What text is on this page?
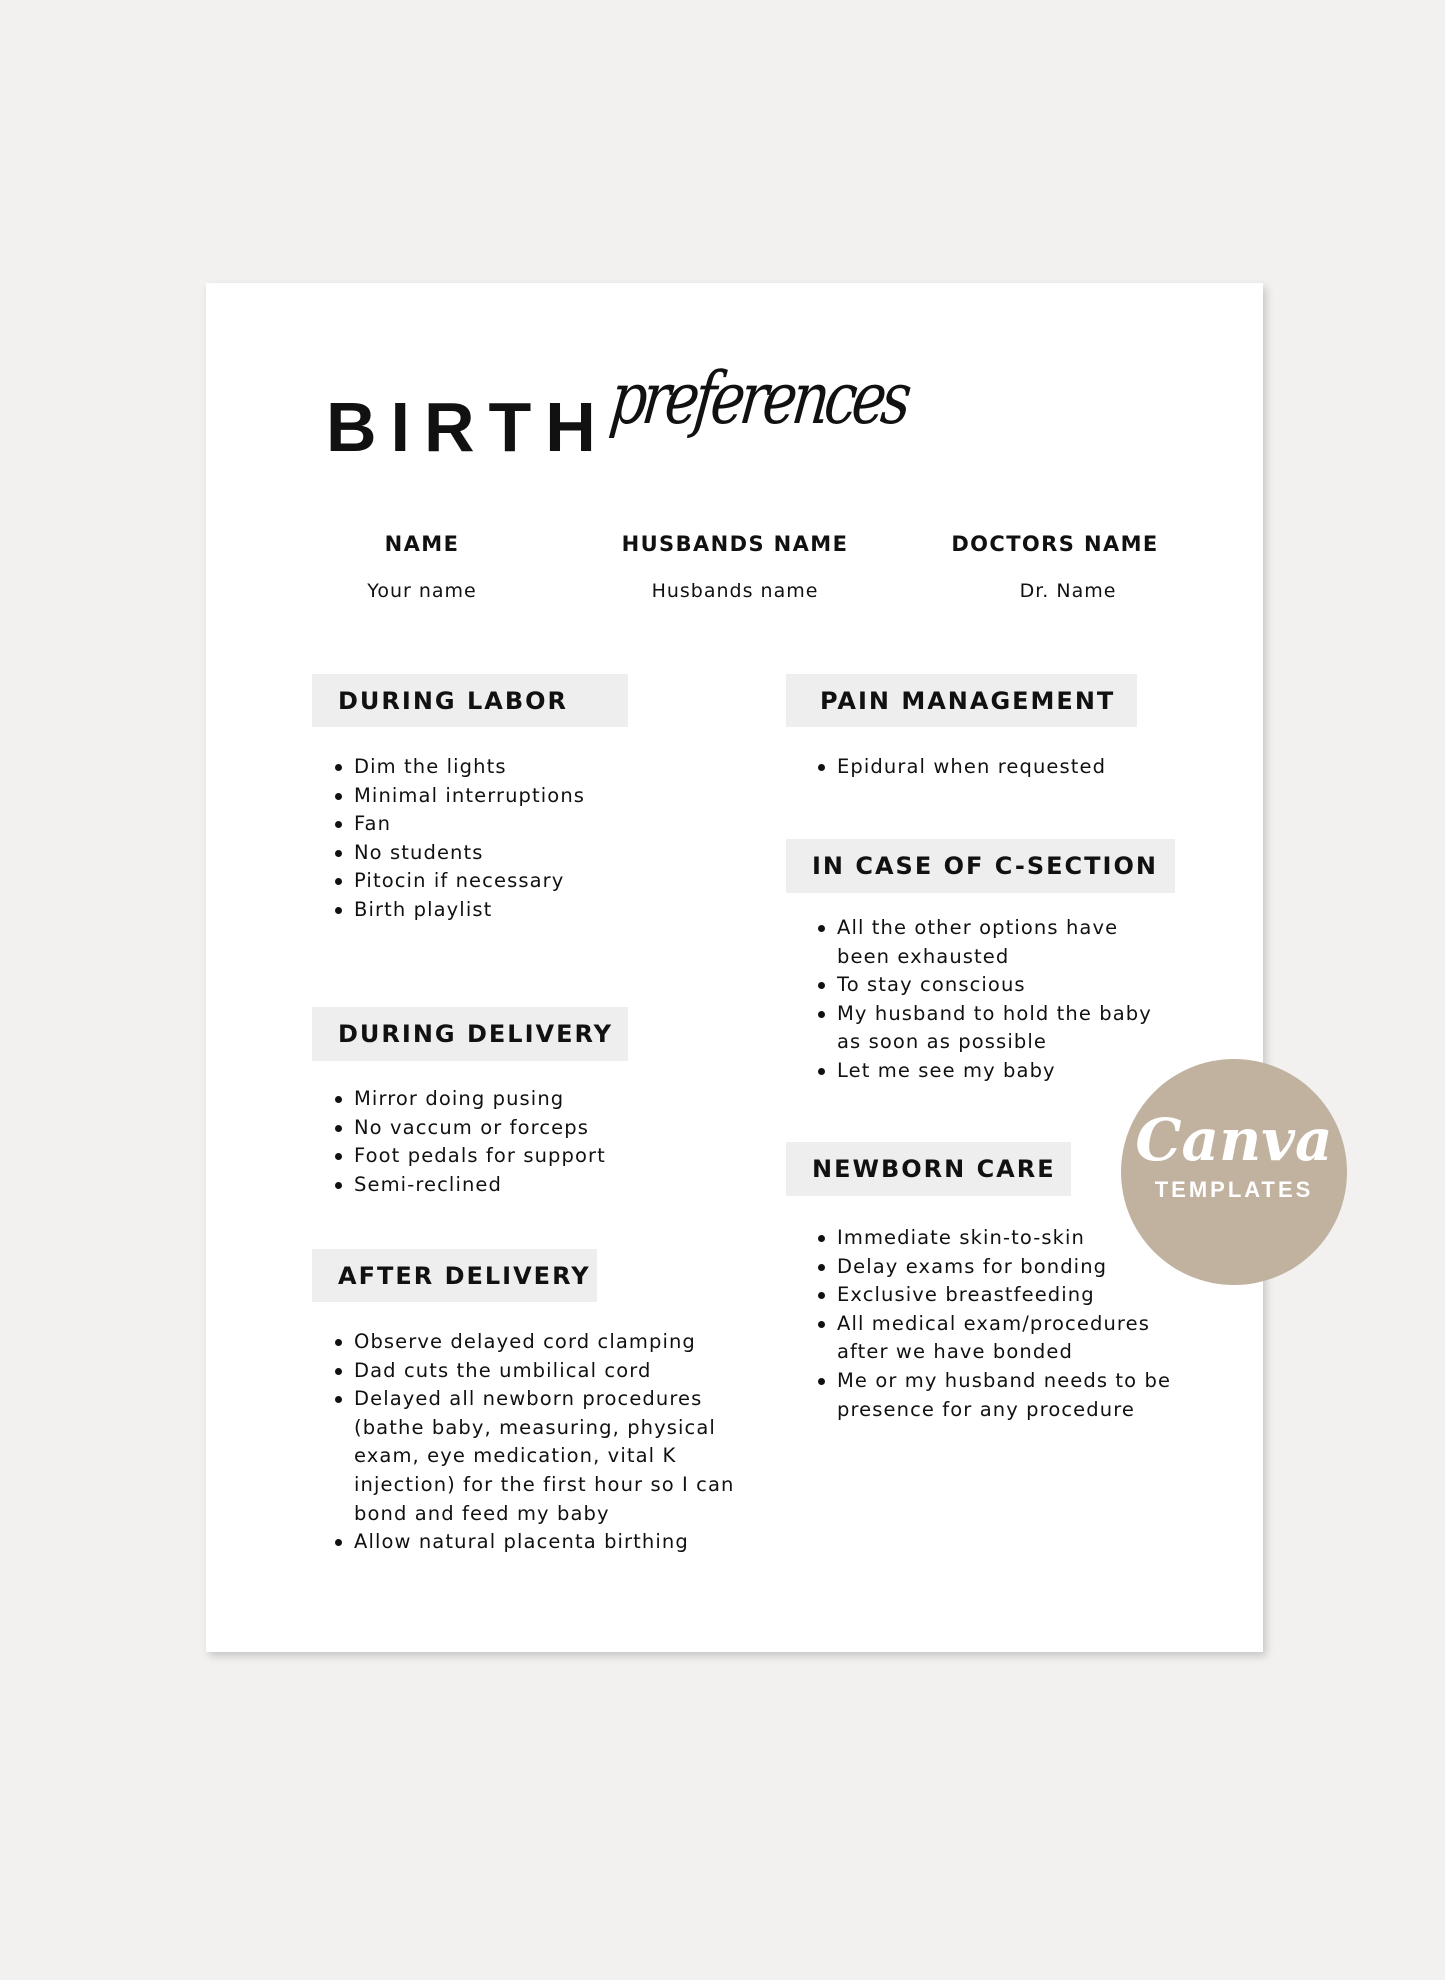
BIRTH
preferences
NAME
Your name
HUSBANDS NAME
Husbands name
DOCTORS NAME
Dr. Name
DURING LABOR
Dim the lights
Minimal interruptions
Fan
No students
Pitocin if necessary
Birth playlist
DURING DELIVERY
Mirror doing pusing
No vaccum or forceps
Foot pedals for support
Semi-reclined
AFTER DELIVERY
Observe delayed cord clamping
Dad cuts the umbilical cord
Delayed all newborn procedures (bathe baby, measuring, physical exam, eye medication, vital K injection) for the first hour so I can bond and feed my baby
Allow natural placenta birthing
PAIN MANAGEMENT
Epidural when requested
IN CASE OF C-SECTION
All the other options have been exhausted
To stay conscious
My husband to hold the baby as soon as possible
Let me see my baby
NEWBORN CARE
Immediate skin-to-skin
Delay exams for bonding
Exclusive breastfeeding
All medical exam/procedures after we have bonded
Me or my husband needs to be presence for any procedure
Canva
TEMPLATES
